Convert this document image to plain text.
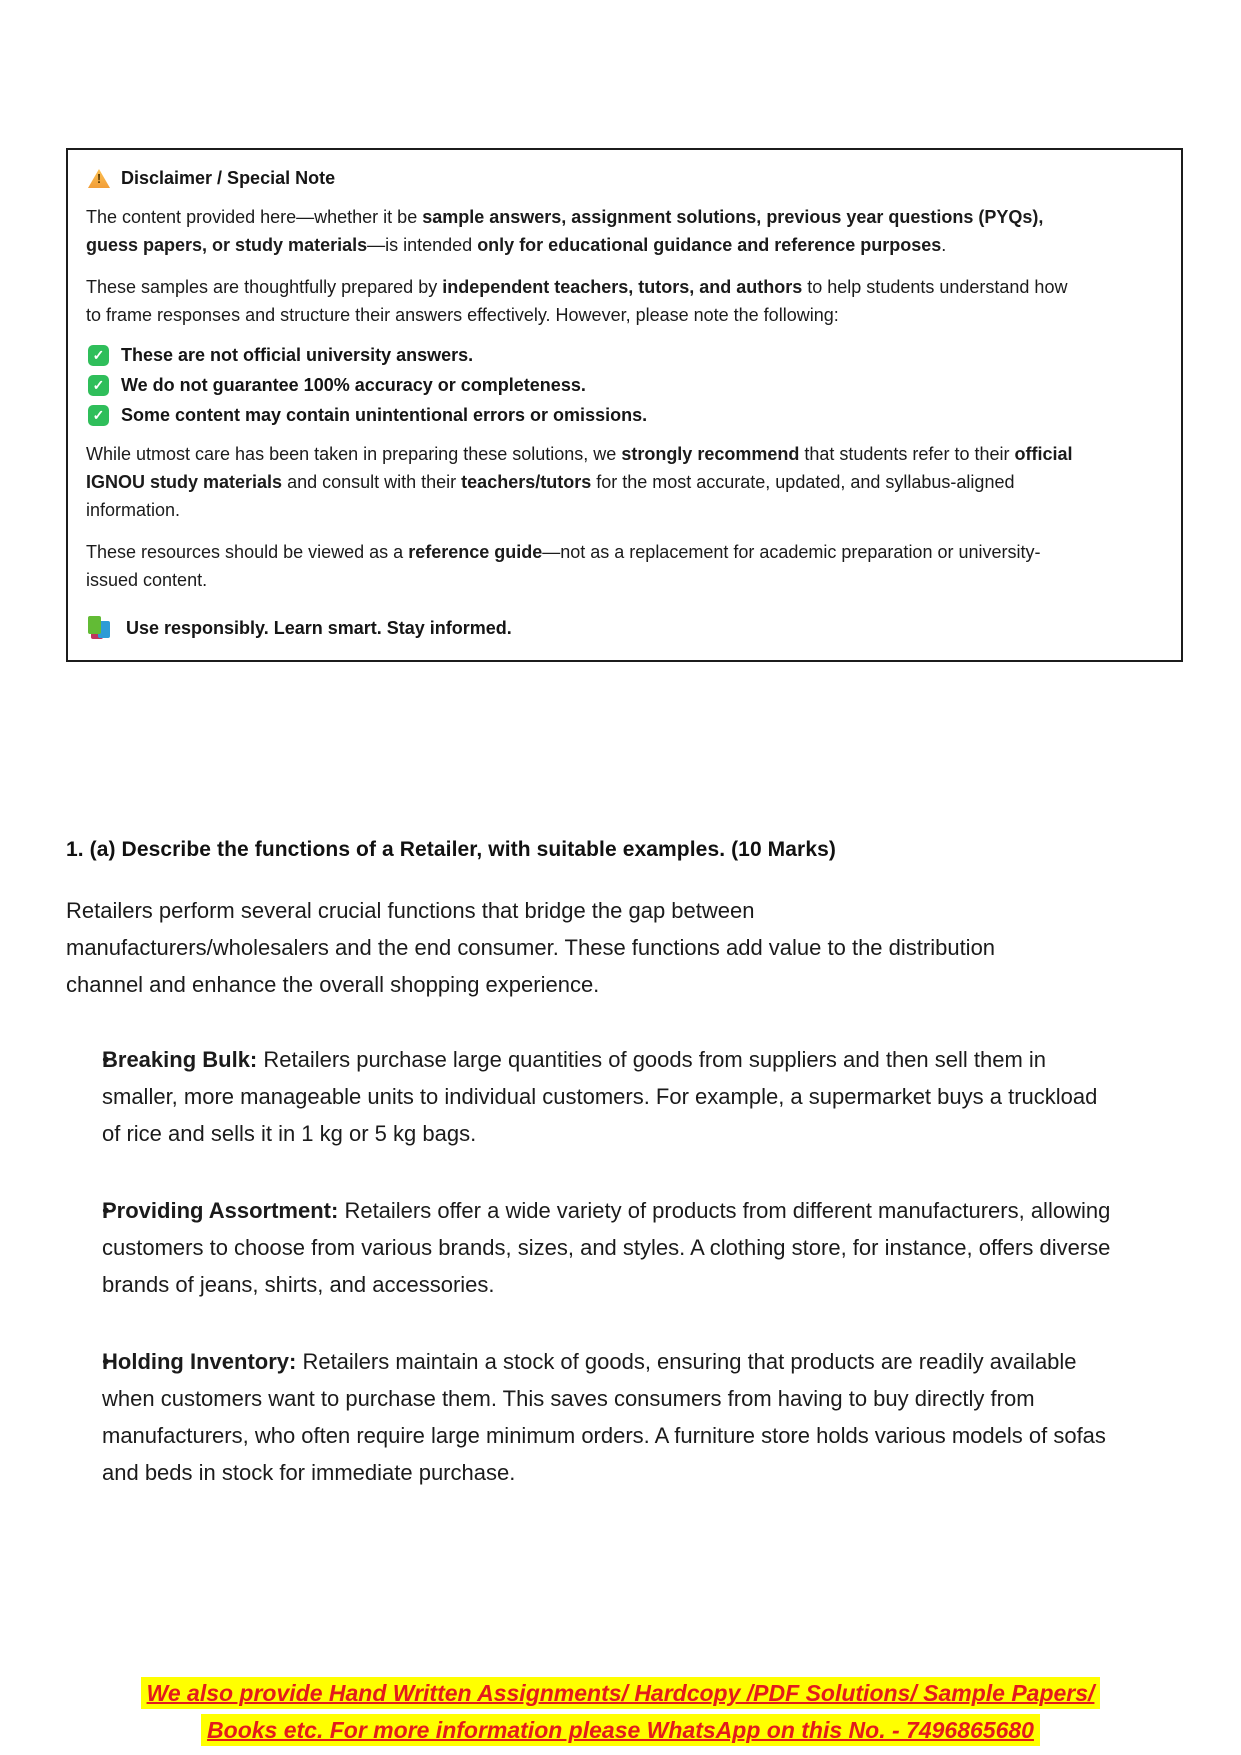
!
Disclaimer / Special Note

The content provided here—whether it be sample answers, assignment solutions, previous year questions (PYQs), guess papers, or study materials—is intended only for educational guidance and reference purposes.

These samples are thoughtfully prepared by independent teachers, tutors, and authors to help students understand how to frame responses and structure their answers effectively. However, please note the following:

✓
These are not official university answers.
✓
We do not guarantee 100% accuracy or completeness.
✓
Some content may contain unintentional errors or omissions.

While utmost care has been taken in preparing these solutions, we strongly recommend that students refer to their official IGNOU study materials and consult with their teachers/tutors for the most accurate, updated, and syllabus-aligned information.

These resources should be viewed as a reference guide—not as a replacement for academic preparation or university-issued content.

Use responsibly. Learn smart. Stay informed.
1. (a) Describe the functions of a Retailer, with suitable examples. (10 Marks)

Retailers perform several crucial functions that bridge the gap between manufacturers/wholesalers and the end consumer. These functions add value to the distribution channel and enhance the overall shopping experience.

•

Breaking Bulk: Retailers purchase large quantities of goods from suppliers and then sell them in smaller, more manageable units to individual customers. For example, a supermarket buys a truckload of rice and sells it in 1 kg or 5 kg bags.

•

Providing Assortment: Retailers offer a wide variety of products from different manufacturers, allowing customers to choose from various brands, sizes, and styles. A clothing store, for instance, offers diverse brands of jeans, shirts, and accessories.

•

Holding Inventory: Retailers maintain a stock of goods, ensuring that products are readily available when customers want to purchase them. This saves consumers from having to buy directly from manufacturers, who often require large minimum orders. A furniture store holds various models of sofas and beds in stock for immediate purchase.

We also provide Hand Written Assignments/ Hardcopy /PDF Solutions/ Sample Papers/
Books etc. For more information please WhatsApp on this No. - 7496865680
